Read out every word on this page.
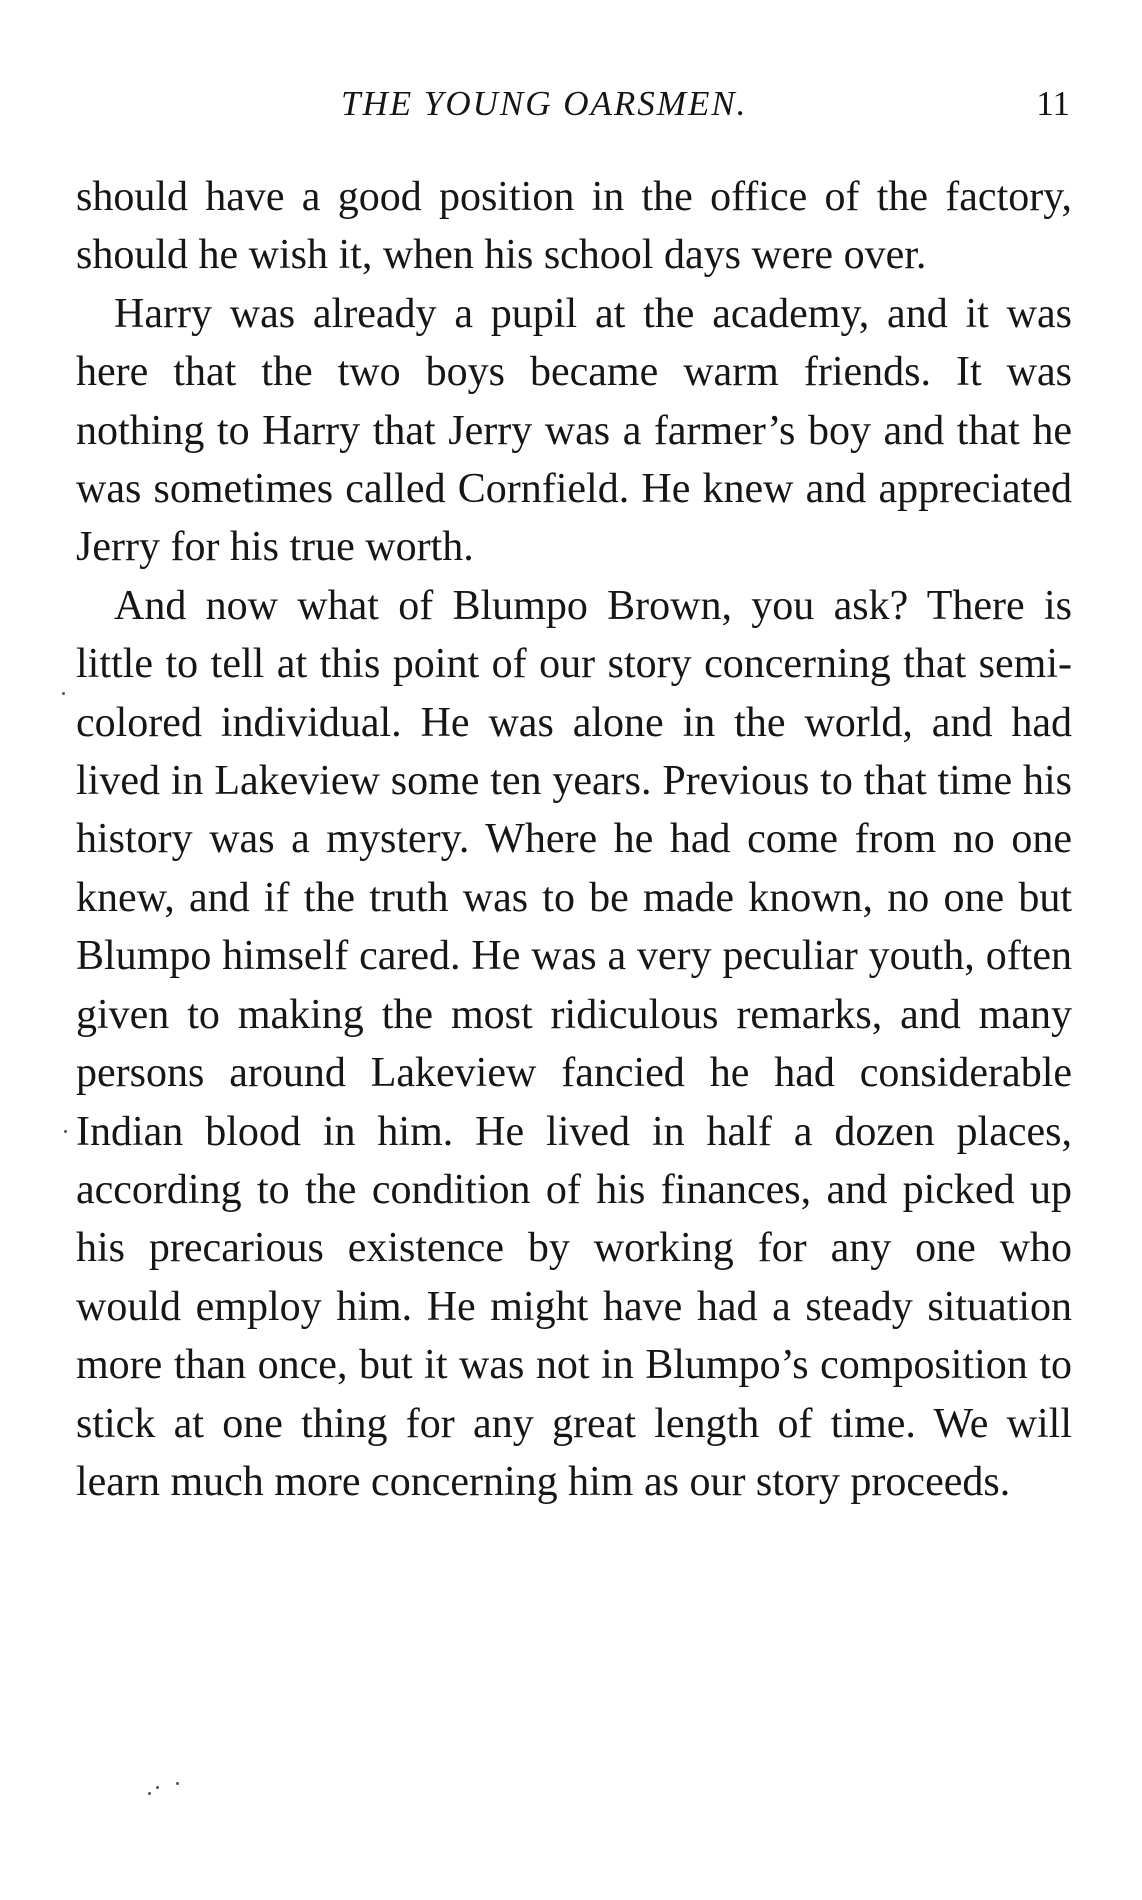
THE YOUNG OARSMEN.	11

should have a good position in the office of the factory, should he wish it, when his school days were over.

Harry was already a pupil at the academy, and it was here that the two boys became warm friends. It was nothing to Harry that Jerry was a farmer’s boy and that he was sometimes called Cornfield. He knew and appreciated Jerry for his true worth.

And now what of Blumpo Brown, you ask? There is little to tell at this point of our story concerning that semi-colored individual. He was alone in the world, and had lived in Lakeview some ten years. Previous to that time his history was a mystery. Where he had come from no one knew, and if the truth was to be made known, no one but Blumpo himself cared. He was a very peculiar youth, often given to making the most ridiculous remarks, and many persons around Lakeview fancied he had considerable Indian blood in him. He lived in half a dozen places, according to the condition of his finances, and picked up his precarious existence by working for any one who would employ him. He might have had a steady situation more than once, but it was not in Blumpo’s composition to stick at one thing for any great length of time. We will learn much more concerning him as our story proceeds.
